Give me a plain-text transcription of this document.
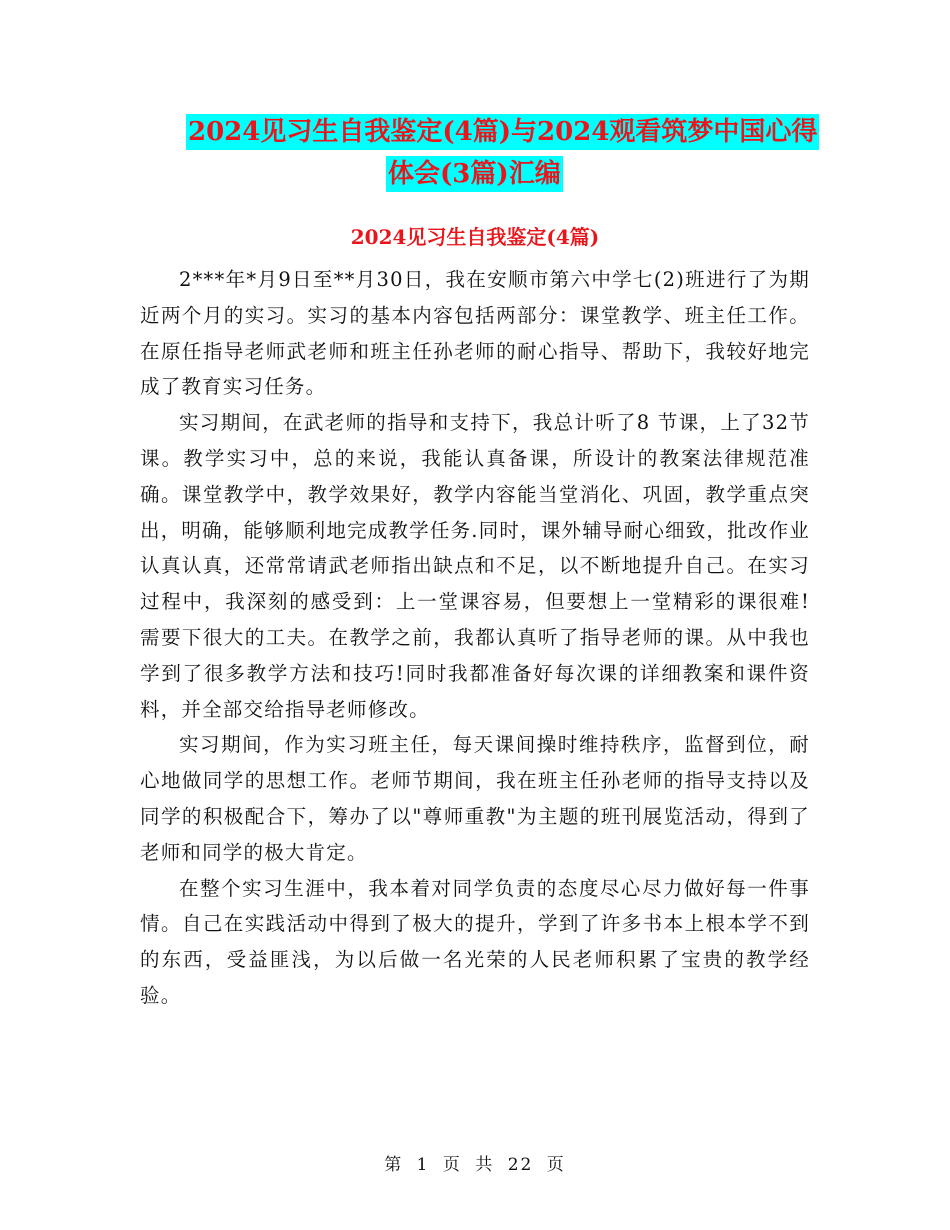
2024见习生自我鉴定(4篇)与2024观看筑梦中国心得
体会(3篇)汇编
2024见习生自我鉴定(4篇)

2***年*月9日至**月30日，我在安顺市第六中学七(2)班进行了为期近两个月的实习。实习的基本内容包括两部分：课堂教学、班主任工作。在原任指导老师武老师和班主任孙老师的耐心指导、帮助下，我较好地完成了教育实习任务。

实习期间，在武老师的指导和支持下，我总计听了8 节课，上了32节课。教学实习中，总的来说，我能认真备课，所设计的教案法律规范准确。课堂教学中，教学效果好，教学内容能当堂消化、巩固，教学重点突出，明确，能够顺利地完成教学任务.同时，课外辅导耐心细致，批改作业认真认真，还常常请武老师指出缺点和不足，以不断地提升自己。在实习过程中，我深刻的感受到：上一堂课容易，但要想上一堂精彩的课很难!需要下很大的工夫。在教学之前，我都认真听了指导老师的课。从中我也学到了很多教学方法和技巧!同时我都准备好每次课的详细教案和课件资料，并全部交给指导老师修改。

实习期间，作为实习班主任，每天课间操时维持秩序，监督到位，耐心地做同学的思想工作。老师节期间，我在班主任孙老师的指导支持以及同学的积极配合下，筹办了以"尊师重教"为主题的班刊展览活动，得到了老师和同学的极大肯定。

在整个实习生涯中，我本着对同学负责的态度尽心尽力做好每一件事情。自己在实践活动中得到了极大的提升，学到了许多书本上根本学不到的东西，受益匪浅，为以后做一名光荣的人民老师积累了宝贵的教学经验。

第 1 页 共 22 页
